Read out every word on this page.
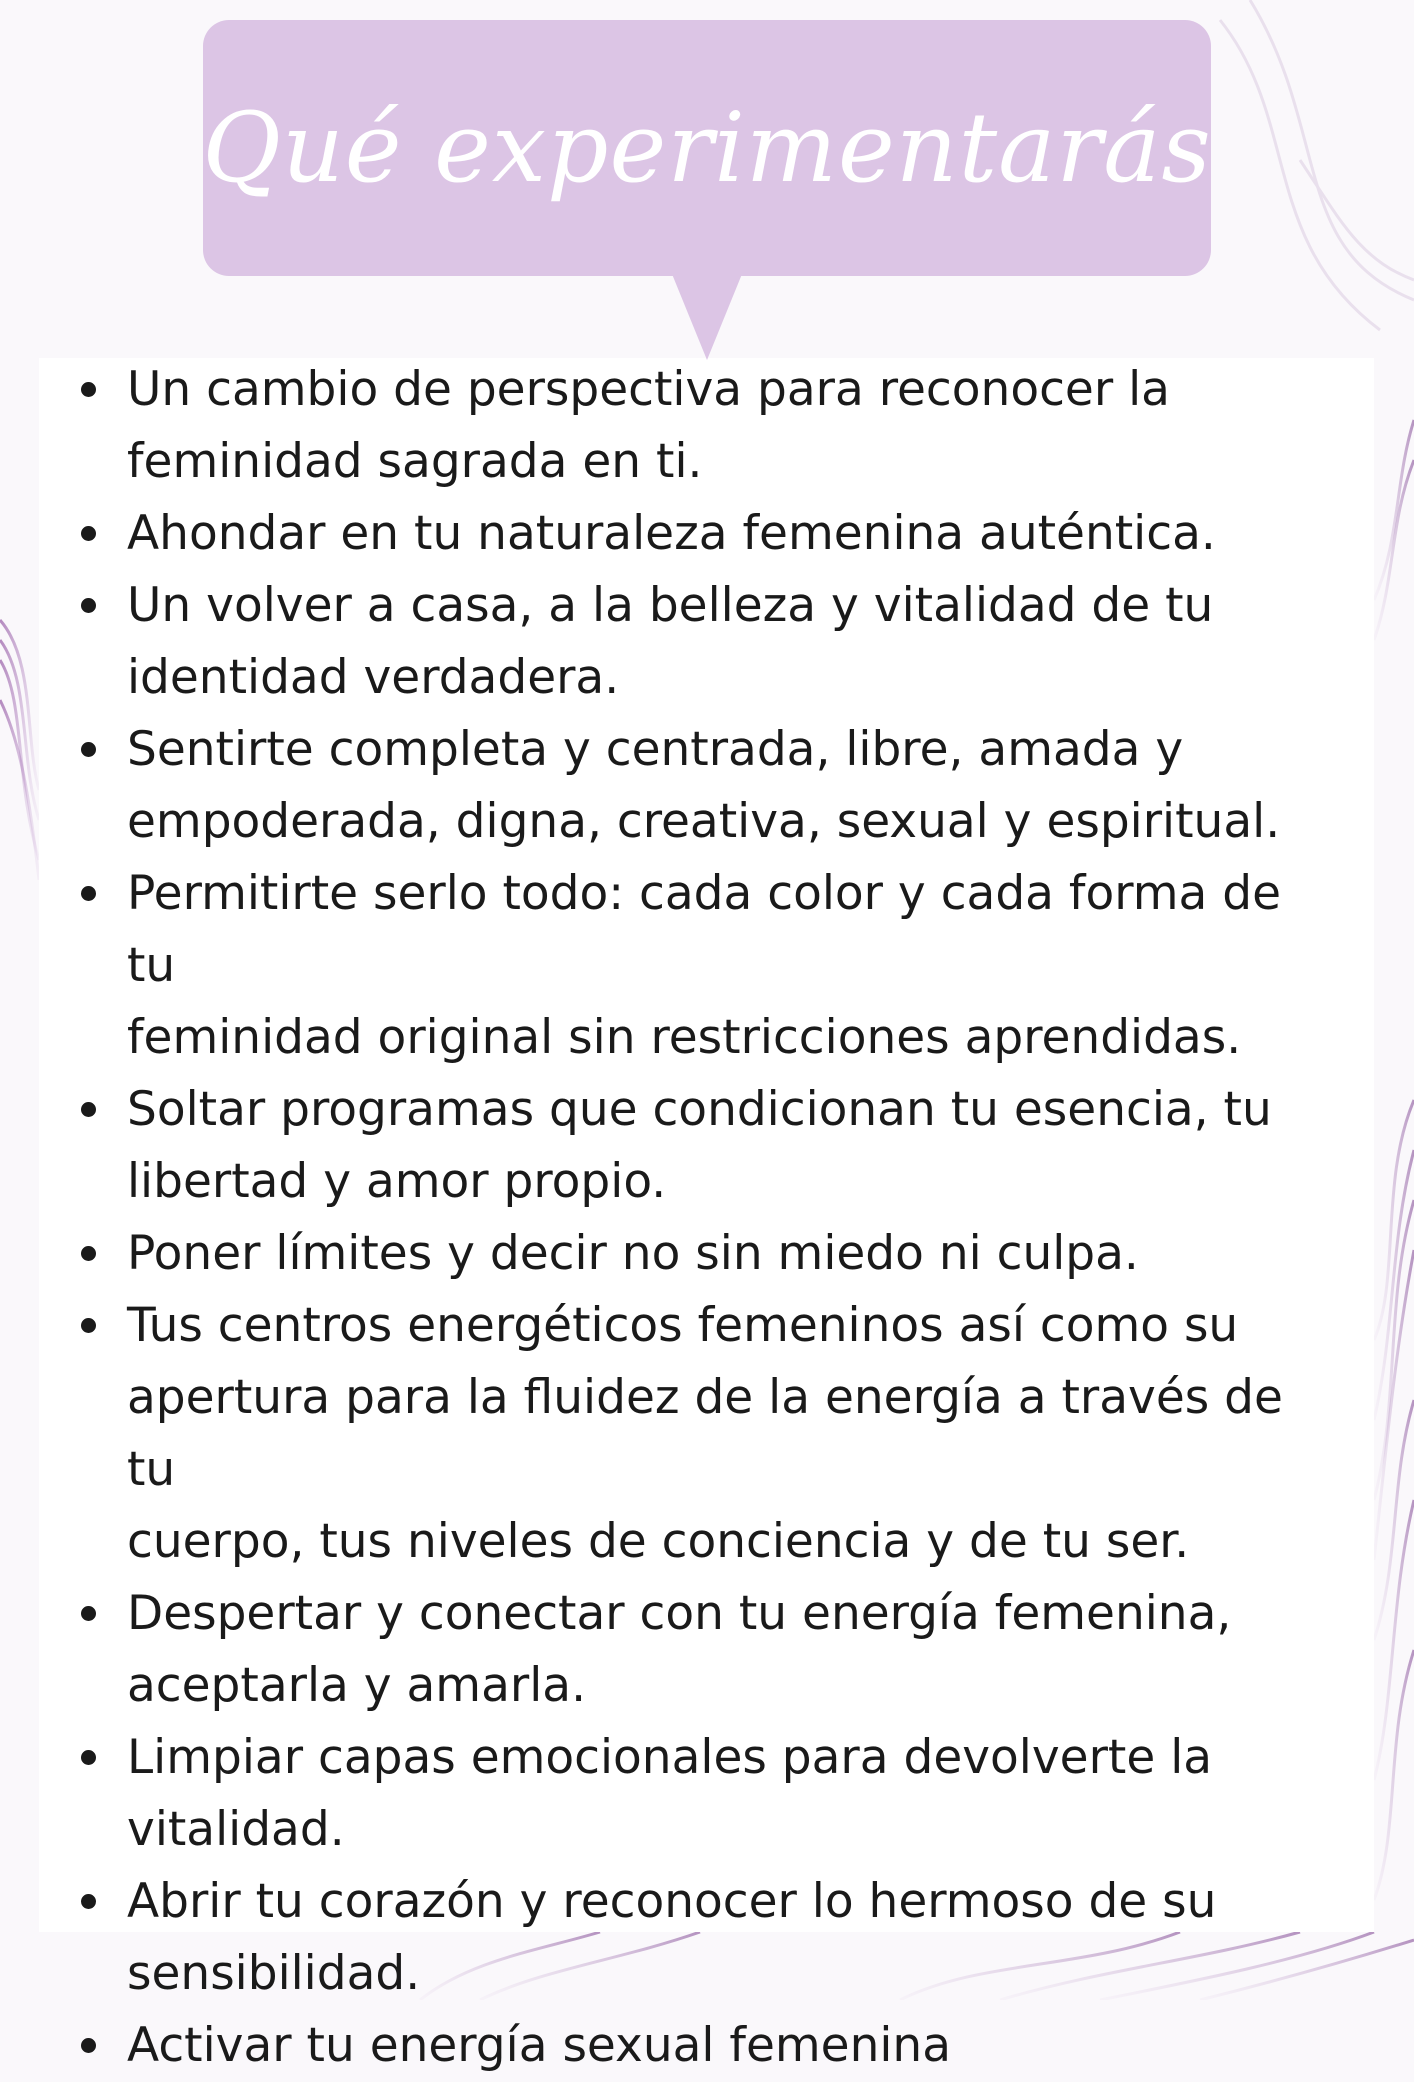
Qué experimentarás
Un cambio de perspectiva para reconocer la
feminidad sagrada en ti.
Ahondar en tu naturaleza femenina auténtica.
Un volver a casa, a la belleza y vitalidad de tu
identidad verdadera.
Sentirte completa y centrada, libre, amada y
empoderada, digna, creativa, sexual y espiritual.
Permitirte serlo todo: cada color y cada forma de tu
feminidad original sin restricciones aprendidas.
Soltar programas que condicionan tu esencia, tu
libertad y amor propio.
Poner límites y decir no sin miedo ni culpa.
Tus centros energéticos femeninos así como su
apertura para la fluidez de la energía a través de tu
cuerpo, tus niveles de conciencia y de tu ser.
Despertar y conectar con tu energía femenina,
aceptarla y amarla.
Limpiar capas emocionales para devolverte la
vitalidad.
Abrir tu corazón y reconocer lo hermoso de su
sensibilidad.
Activar tu energía sexual femenina
